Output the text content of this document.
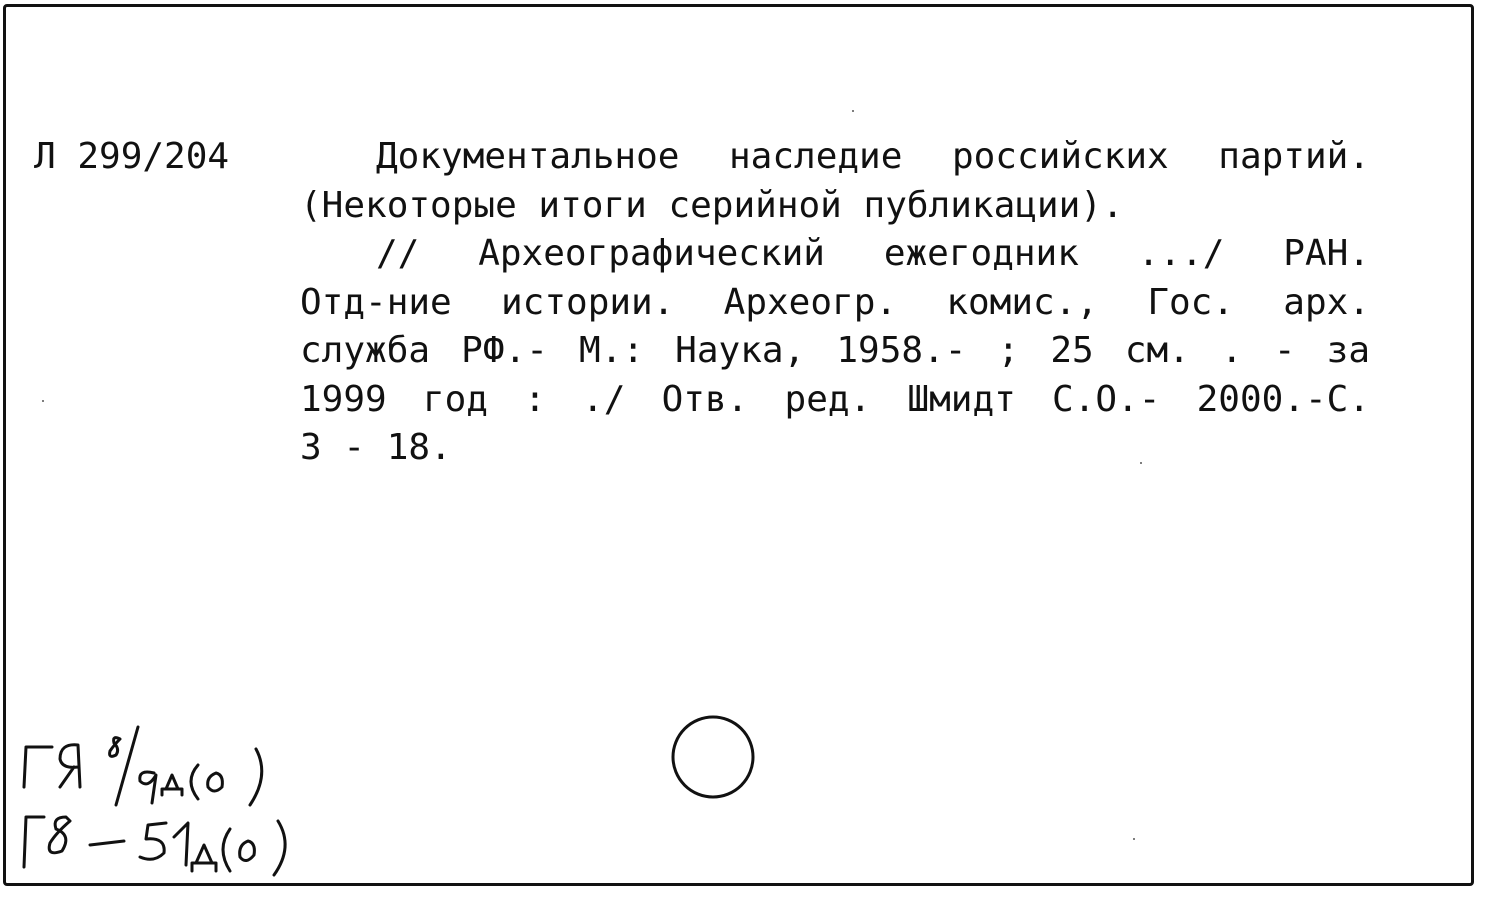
Л 299/204	Документальное наследие российских партий.
(Некоторые итоги серийной публикации).
// Археографический ежегодник .../ РАН.
Отд-ние истории. Археогр. комис., Гос. арх.
служба РФ.- М.: Наука, 1958.- ; 25 см. . - за
1999 год : ./ Отв. ред. Шмидт С.О.- 2000.-С.
3 - 18.
